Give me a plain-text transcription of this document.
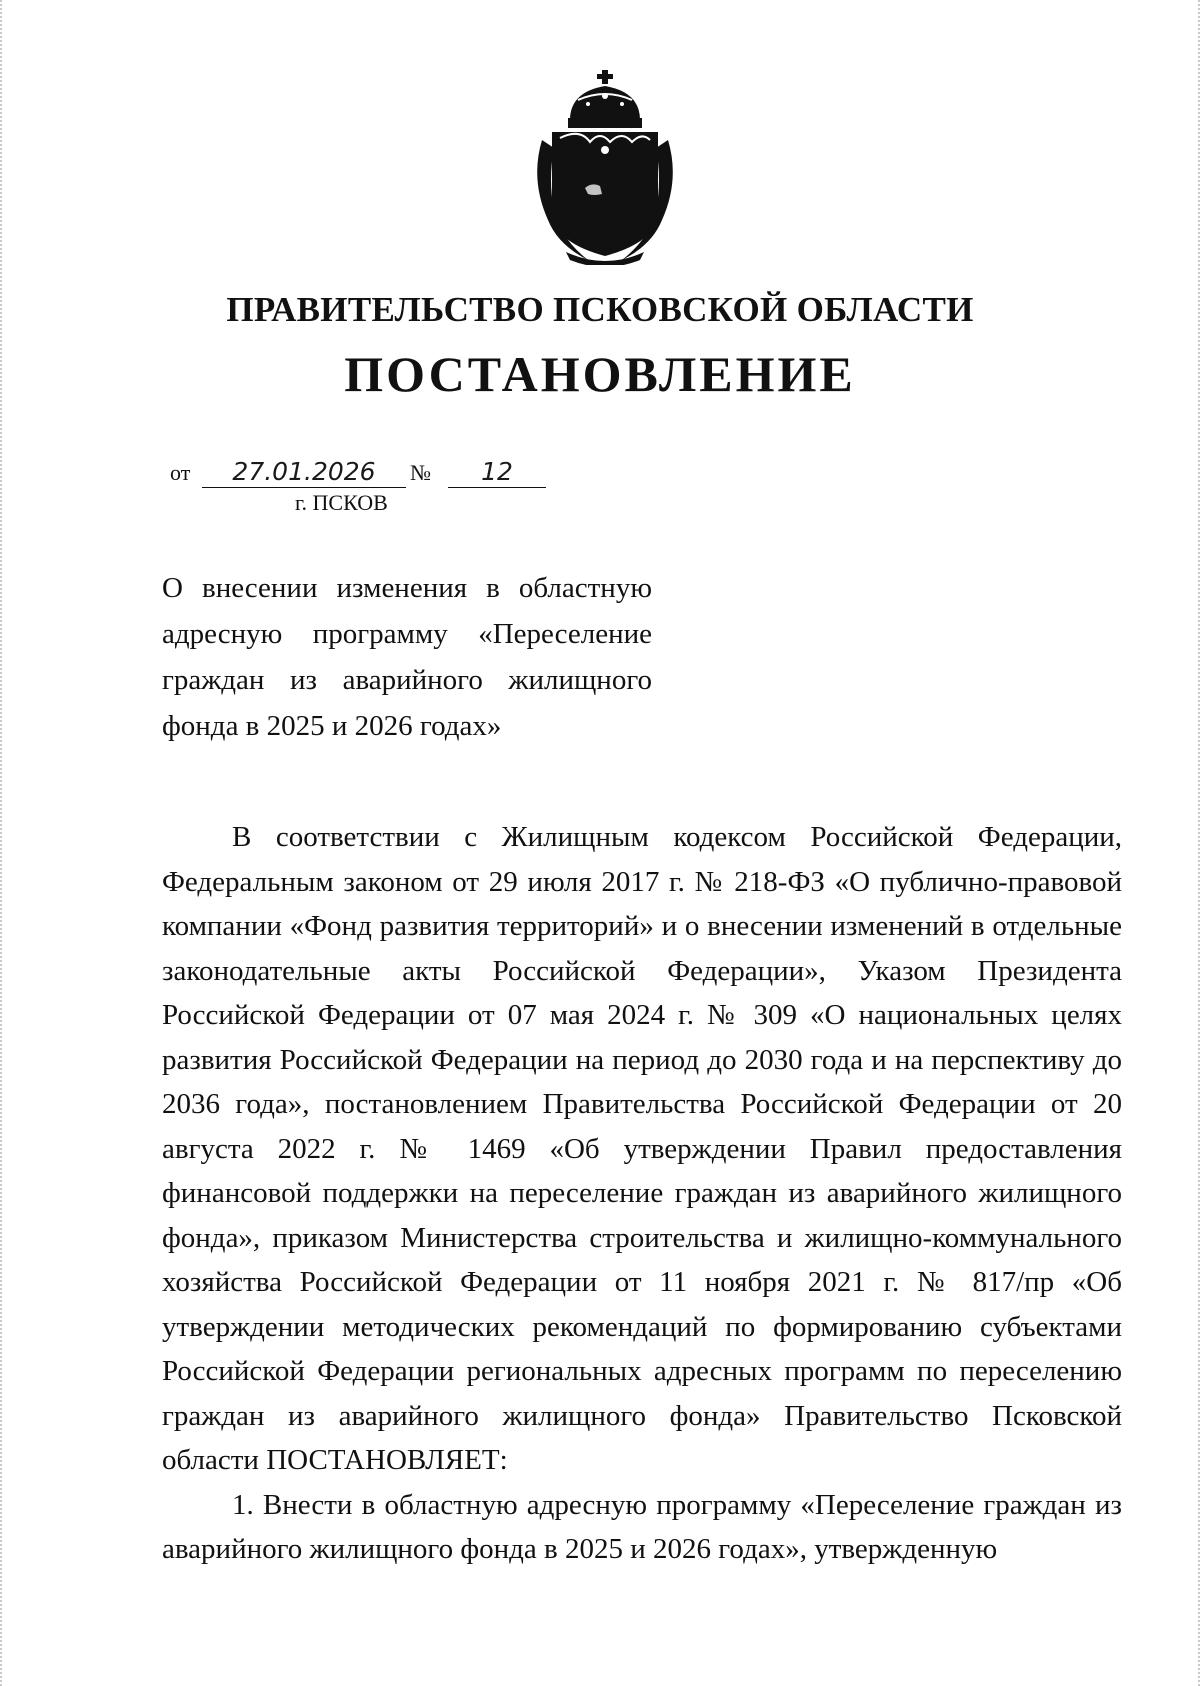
ПРАВИТЕЛЬСТВО ПСКОВСКОЙ ОБЛАСТИ
ПОСТАНОВЛЕНИЕ
от	27.01.2026	№	12
г. ПСКОВ
О внесении изменения в областную адресную программу «Переселение граждан из аварийного жилищного фонда в 2025 и 2026 годах»

В соответствии с Жилищным кодексом Российской Федерации, Федеральным законом от 29 июля 2017 г. № 218-ФЗ «О публично-правовой компании «Фонд развития территорий» и о внесении изменений в отдельные законодательные акты Российской Федерации», Указом Президента Российской Федерации от 07 мая 2024 г. № 309 «О национальных целях развития Российской Федерации на период до 2030 года и на перспективу до 2036 года», постановлением Правительства Российской Федерации от 20 августа 2022 г. № 1469 «Об утверждении Правил предоставления финансовой поддержки на переселение граждан из аварийного жилищного фонда», приказом Министерства строительства и жилищно-коммунального хозяйства Российской Федерации от 11 ноября 2021 г. № 817/пр «Об утверждении методических рекомендаций по формированию субъектами Российской Федерации региональных адресных программ по переселению граждан из аварийного жилищного фонда» Правительство Псковской области ПОСТАНОВЛЯЕТ:

1. Внести в областную адресную программу «Переселение граждан из аварийного жилищного фонда в 2025 и 2026 годах», утвержденную
